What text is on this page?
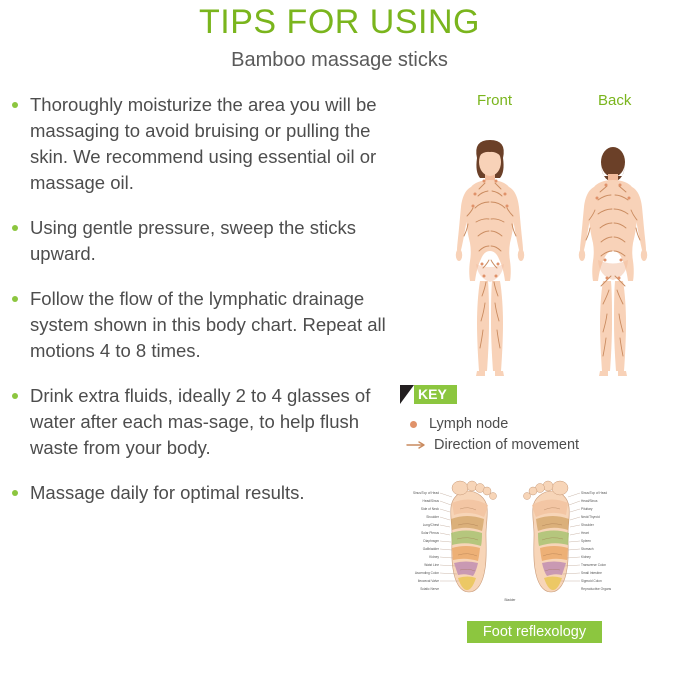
TIPS FOR USING

Bamboo massage sticks

Thoroughly moisturize the area you will be massaging to avoid bruising or pulling the skin. We recommend using essential oil or massage oil.
Using gentle pressure, sweep the sticks upward.
Follow the flow of the lymphatic drainage system shown in this body chart. Repeat all motions 4 to 8 times.
Drink extra fluids, ideally 2 to 4 glasses of water after each mas-sage, to help flush waste from your body.
Massage daily for optimal results.
Front	Back
KEY
Lymph node
Direction of movement
Sinus/Top of Head
Head/Sinus
Side of Neck
Shoulder
Lung/Chest
Solar Plexus
Diaphragm
Gallbladder
Kidney
Waist Line
Ascending Colon
Ileocecal Valve
Sciatic Nerve
Sinus/Top of Head
Head/Sinus
Pituitary
Neck/Thyroid
Shoulder
Heart
Spleen
Stomach
Kidney
Transverse Colon
Small Intestine
Sigmoid Colon
Reproductive Organs
Bladder
Foot reflexology
